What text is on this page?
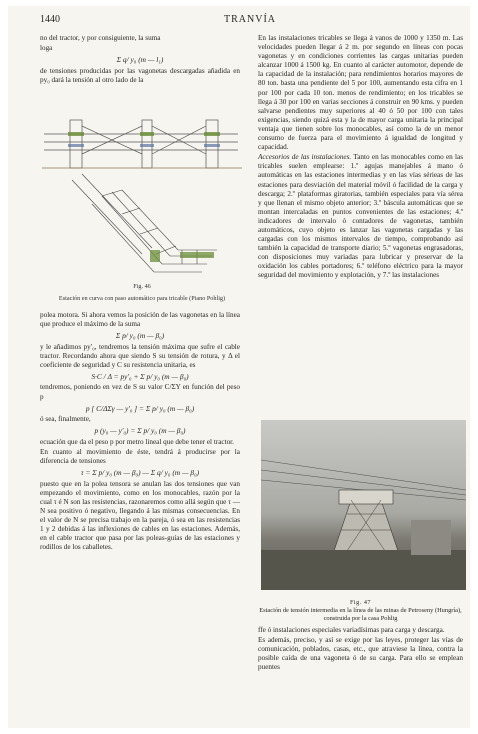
1440	TRANVÍA

no del tractor, y por consiguiente, la suma

loga

Σ q/ y₀ (m — l₁)

de tensiones producidas por las vagonetas descargadas añadida en py₀ dará la tensión al otro lado de la

Fig. 46
Estación en curva con paso automático para tricable (Piano Pohlig)

polea motora. Si ahora vemos la posición de las vagonetas en la línea que produce el máximo de la suma

Σ p/ y₀ (m — β₀)

y le añadimos py′₀, tendremos la tensión máxima que sufre el cable tractor. Recordando ahora que siendo S su tensión de rotura, y Δ el coeficiente de seguridad y C su resistencia unitaria, es

S·C / Δ = py′₀ + Σ p/ y₀ (m — β₀)

tendremos, poniendo en vez de S su valor C/ΣY en función del peso p

p [ C/ΔΣγ — y′₀ ] = Σ p/ y₀ (m — β₀)

ó sea, finalmente,

p (y₀ — y′₀) = Σ p/ y₀ (m — β₀)

ecuación que da el peso p por metro lineal que debe tener el tractor.

En cuanto al movimiento de éste, tendrá á producirse por la diferencia de tensiones

τ = Σ p/ y₀ (m — β₀) — Σ q/ y₀ (m — β₀)

puesto que en la polea tensora se anulan las dos tensiones que van empezando el movimiento, como en los monocables, razón por la cual τ é N son las resistencias, razonaremos como allá según que τ — N sea positivo ó negativo, llegando á las mismas consecuencias. En el valor de N se precisa trabajo en la pareja, ó sea en las resistencias 1 y 2 debidas á las inflexiones de cables en las estaciones. Además, en el cable tractor que pasa por las poleas-guías de las estaciones y rodillos de los caballetes.

En las instalaciones tricables se llega á vanos de 1000 y 1350 m. Las velocidades pueden llegar á 2 m. por segundo en líneas con pocas vagonetas y en condiciones corrientes las cargas unitarias pueden alcanzar 1000 á 1500 kg. En cuanto al carácter automotor, depende de la capacidad de la instalación; para rendimientos horarios mayores de 80 ton. basta una pendiente del 5 por 100, aumentando esta cifra en 1 por 100 por cada 10 ton. menos de rendimiento; en los tricables se llega á 30 por 100 en varias secciones á construir en 90 kms. y pueden salvarse pendientes muy superiores al 40 ó 50 por 100 con tales exigencias, siendo quizá esta y la de mayor carga unitaria la principal ventaja que tienen sobre los monocables, así como la de un menor consumo de fuerza para el movimiento á igualdad de longitud y capacidad.

Accesorios de las instalaciones. Tanto en las monocables como en las tricables suelen emplearse: 1.º agujas manejables á mano ó automáticas en las estaciones intermedias y en las vías sérieas de las estaciones para desviación del material móvil ó facilidad de la carga y descarga; 2.º plataformas giratorias, también especiales para vía sérea y que llenan el mismo objeto anterior; 3.º báscula automáticas que se montan intercaladas en puntos convenientes de las estaciones; 4.º indicadores de intervalo ó contadores de vagonetas, también automáticos, cuyo objeto es lanzar las vagonetas cargadas y las cargadas con los mismos intervalos de tiempo, comprobando así también la capacidad de transporte diario; 5.º vagonetas engrasadoras, con disposiciones muy variadas para lubricar y preservar de la oxidación los cables portadores; 6.º teléfono eléctrico para la mayor seguridad del movimiento y explotación, y 7.º las instalaciones

Fig. 47
Estación de tensión intermedia en la línea de las minas de Petroseny (Hungría), construida por la casa Pohlig

ffe ó instalaciones especiales variadísimas para carga y descarga.

Es además, preciso, y así se exige por las leyes, proteger las vías de comunicación, poblados, casas, etc., que atraviese la línea, contra la posible caída de una vagoneta ó de su carga. Para ello se emplean puentes
